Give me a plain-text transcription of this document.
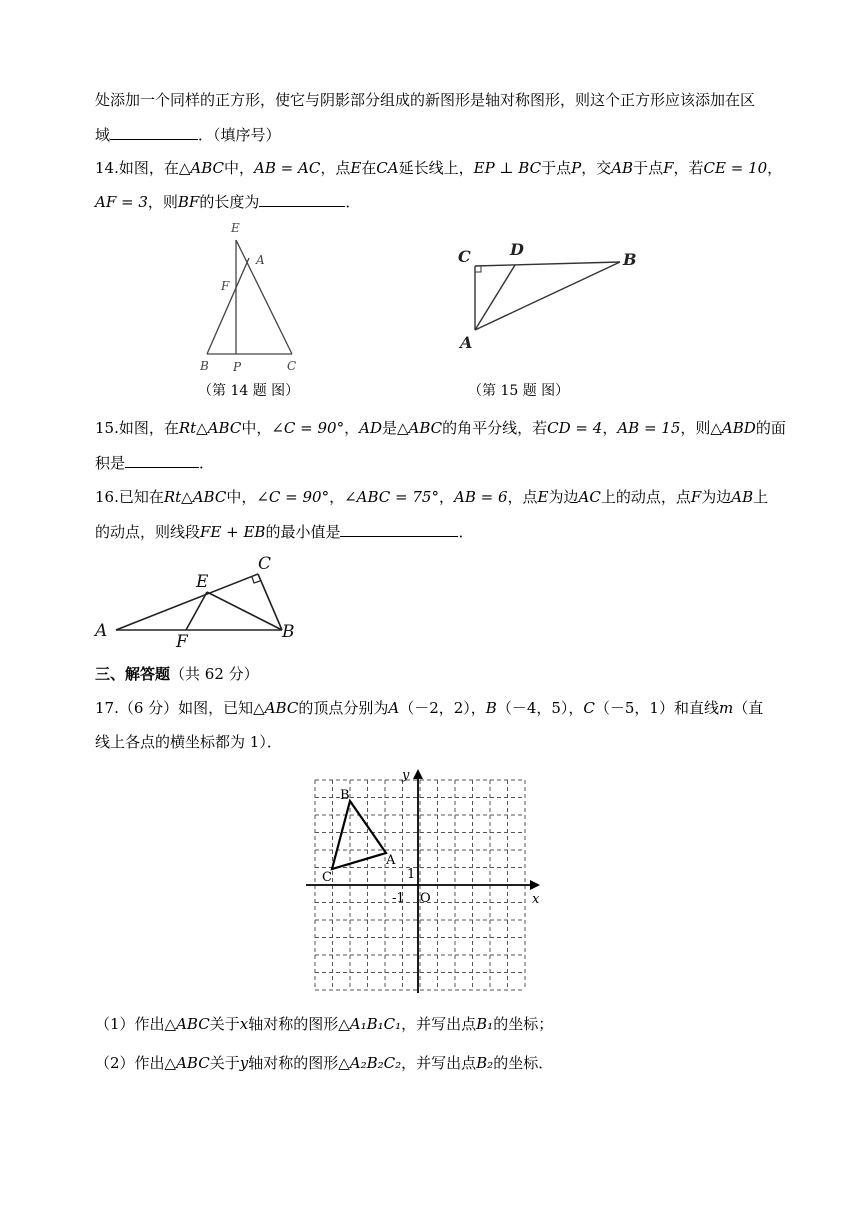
处添加一个同样的正方形，使它与阴影部分组成的新图形是轴对称图形，则这个正方形应该添加在区
域	．（填序号）
14.如图，在△ABC中，AB = AC，点E在CA延长线上，EP ⊥ BC于点P，交AB于点F，若CE = 10，
AF = 3，则BF的长度为	．
E
A
F
B P	C
（第 14 题 图）
C D
B
A
（第 15 题 图）
15.如图，在Rt△ABC中，∠C = 90°，AD是△ABC的角平分线，若CD = 4，AB = 15，则△ABD的面
积是	．
16.已知在Rt△ABC中，∠C = 90°，∠ABC = 75°，AB = 6，点E为边AC上的动点，点F为边AB上
的动点，则线段FE + EB的最小值是	．
A	B
C
E
F
三、解答题（共 62 分）
17.（6 分）如图，已知△ABC的顶点分别为A（－2，2），B（－4，5），C（－5，1）和直线m（直
线上各点的横坐标都为 1）．
y
x
B
A
C	1
-1 O
（1）作出△ABC关于x轴对称的图形△A₁B₁C₁，并写出点B₁的坐标；
（2）作出△ABC关于y轴对称的图形△A₂B₂C₂，并写出点B₂的坐标．
